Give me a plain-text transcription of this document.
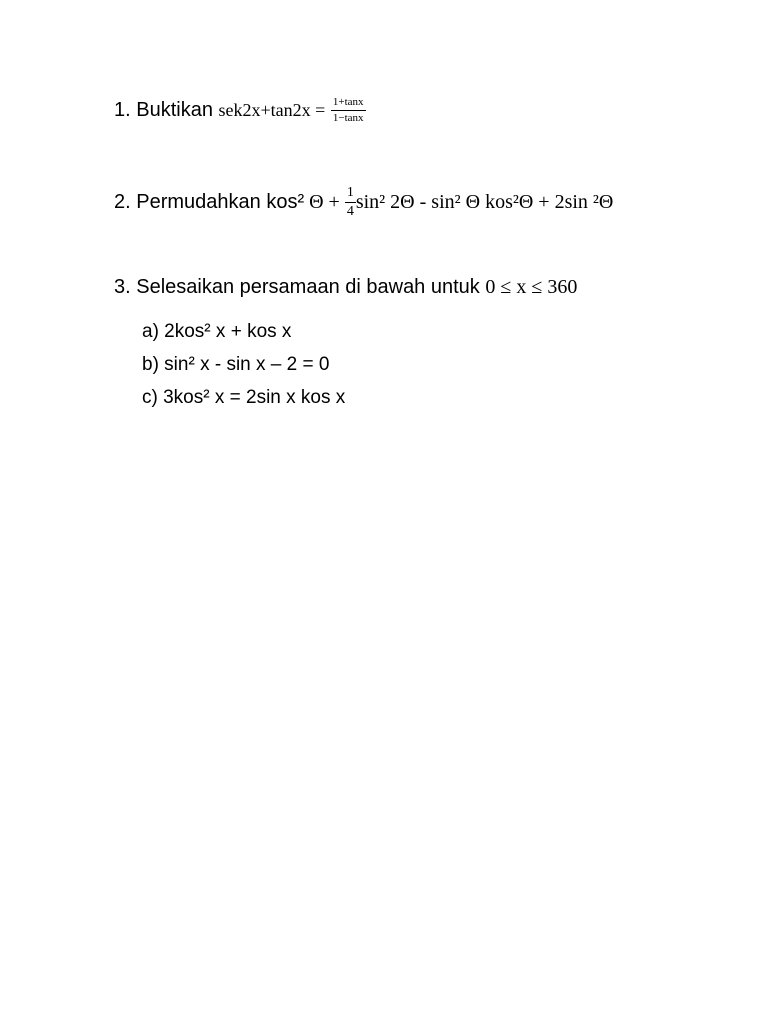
1. Buktikan $sek2x+\tan 2x = \frac{1+\tan x}{1-\tan x}$
2. Permudahkan kos² $\Theta + \frac{1}{4} \sin^2$ 2Θ - sin² Θ kos²Θ + 2sin ²Θ
3. Selesaikan persamaan di bawah untuk 0 ≤ x ≤ 360
a) 2kos² x + kos x
b) sin² x - sin x – 2 = 0
c) 3kos² x = 2sin x kos x
